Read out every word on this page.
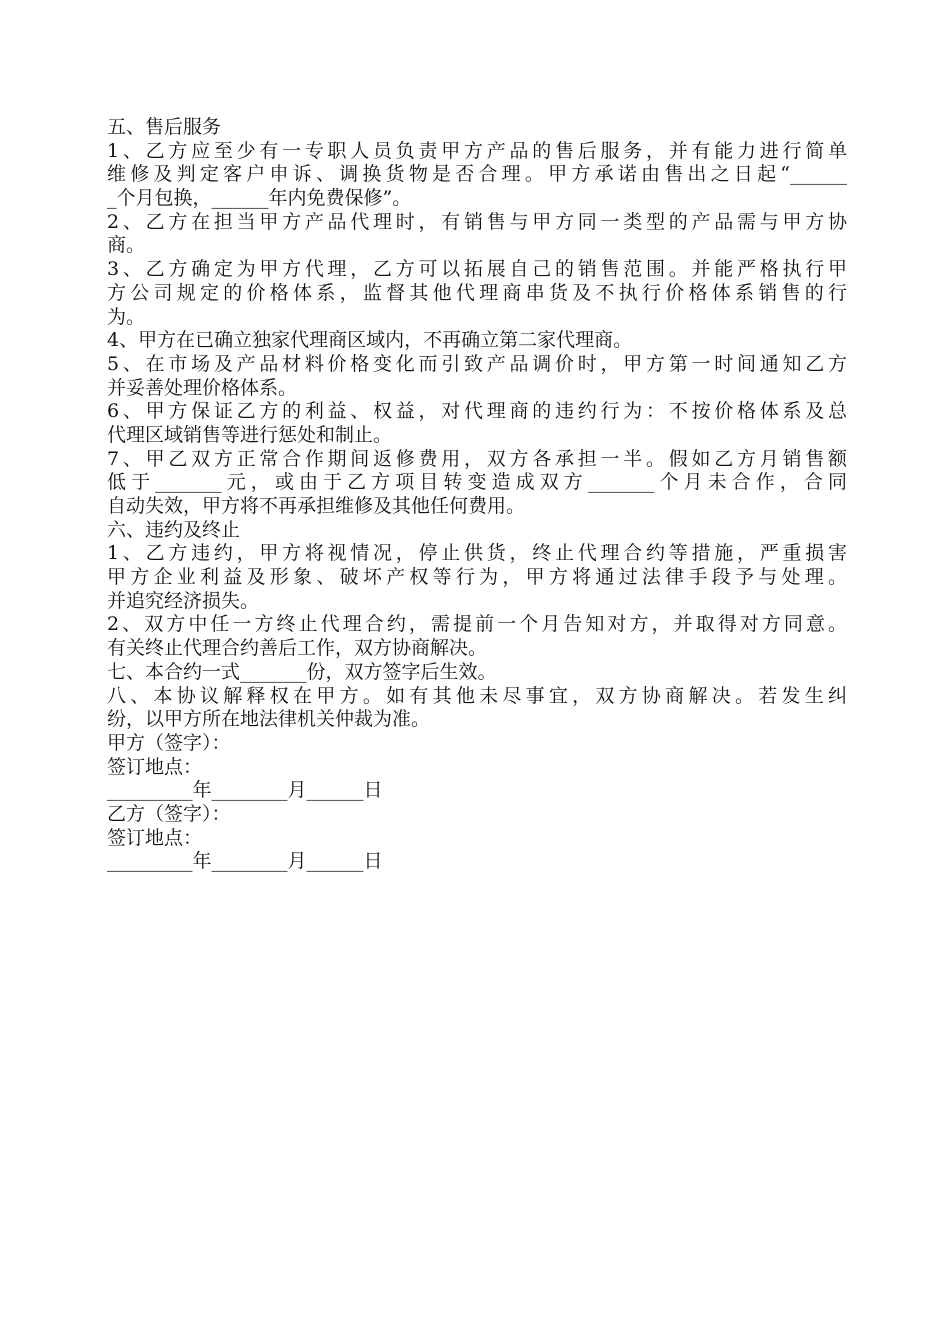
五、售后服务
1、乙方应至少有一专职人员负责甲方产品的售后服务，并有能力进行简单
维修及判定客户申诉、调换货物是否合理。甲方承诺由售出之日起“______
_个月包换，______年内免费保修”。
2、乙方在担当甲方产品代理时，有销售与甲方同一类型的产品需与甲方协
商。
3、乙方确定为甲方代理，乙方可以拓展自己的销售范围。并能严格执行甲
方公司规定的价格体系，监督其他代理商串货及不执行价格体系销售的行
为。
4、甲方在已确立独家代理商区域内，不再确立第二家代理商。
5、在市场及产品材料价格变化而引致产品调价时，甲方第一时间通知乙方
并妥善处理价格体系。
6、甲方保证乙方的利益、权益，对代理商的违约行为：不按价格体系及总
代理区域销售等进行惩处和制止。
7、甲乙双方正常合作期间返修费用，双方各承担一半。假如乙方月销售额
低于_______元，或由于乙方项目转变造成双方_______个月未合作，合同
自动失效，甲方将不再承担维修及其他任何费用。
六、违约及终止
1、乙方违约，甲方将视情况，停止供货，终止代理合约等措施，严重损害
甲方企业利益及形象、破坏产权等行为，甲方将通过法律手段予与处理。
并追究经济损失。
2、双方中任一方终止代理合约，需提前一个月告知对方，并取得对方同意。
有关终止代理合约善后工作，双方协商解决。
七、本合约一式_______份，双方签字后生效。
八、本协议解释权在甲方。如有其他未尽事宜，双方协商解决。若发生纠
纷，以甲方所在地法律机关仲裁为准。
甲方（签字）：
签订地点：
_________年________月______日
乙方（签字）：
签订地点：
_________年________月______日
